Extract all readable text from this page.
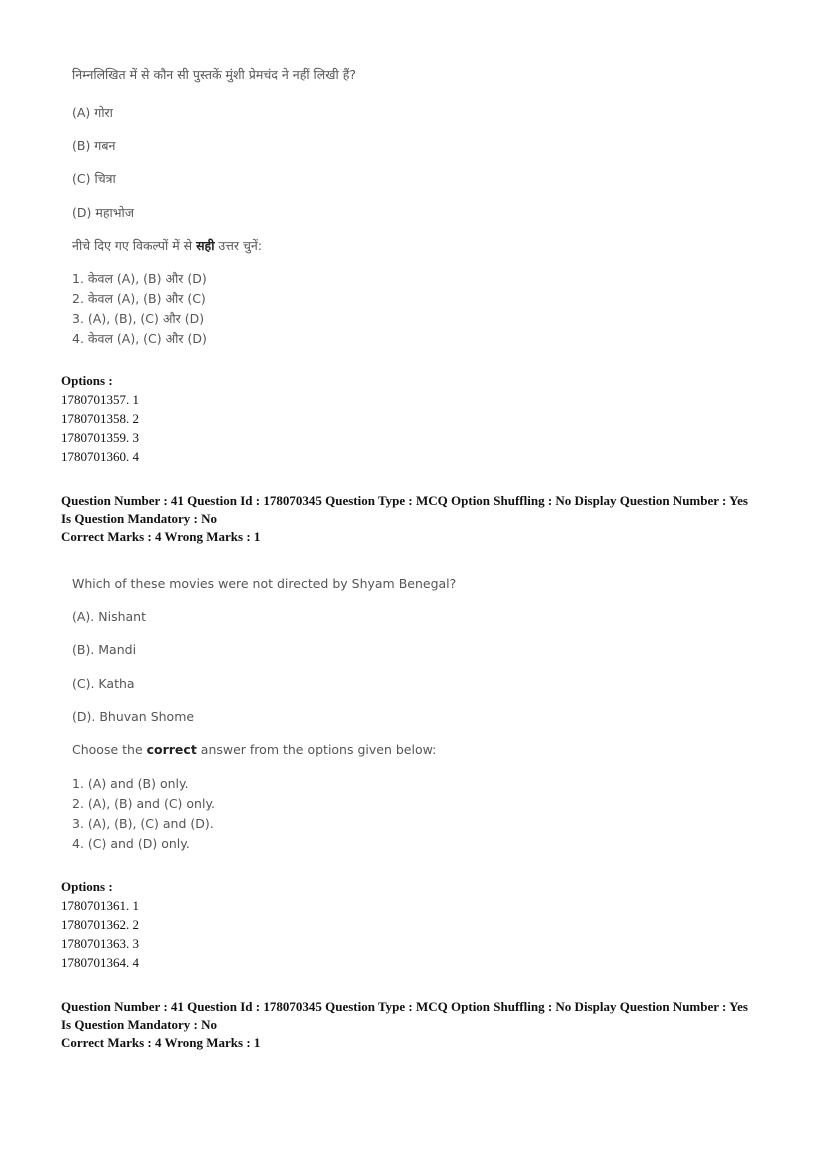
निम्नलिखित में से कौन सी पुस्तकें मुंशी प्रेमचंद ने नहीं लिखी हैं?
(A) गोरा
(B) गबन
(C) चित्रा
(D) महाभोज
नीचे दिए गए विकल्पों में से सही उत्तर चुनें:
1. केवल (A), (B) और (D)
2. केवल (A), (B) और (C)
3. (A), (B), (C) और (D)
4. केवल (A), (C) और (D)
Options :
1780701357. 1
1780701358. 2
1780701359. 3
1780701360. 4
Question Number : 41 Question Id : 178070345 Question Type : MCQ Option Shuffling : No Display Question Number : Yes
Is Question Mandatory : No
Correct Marks : 4 Wrong Marks : 1
Which of these movies were not directed by Shyam Benegal?
(A). Nishant
(B). Mandi
(C). Katha
(D). Bhuvan Shome
Choose the correct answer from the options given below:
1. (A) and (B) only.
2. (A), (B) and (C) only.
3. (A), (B), (C) and (D).
4. (C) and (D) only.
Options :
1780701361. 1
1780701362. 2
1780701363. 3
1780701364. 4
Question Number : 41 Question Id : 178070345 Question Type : MCQ Option Shuffling : No Display Question Number : Yes
Is Question Mandatory : No
Correct Marks : 4 Wrong Marks : 1
